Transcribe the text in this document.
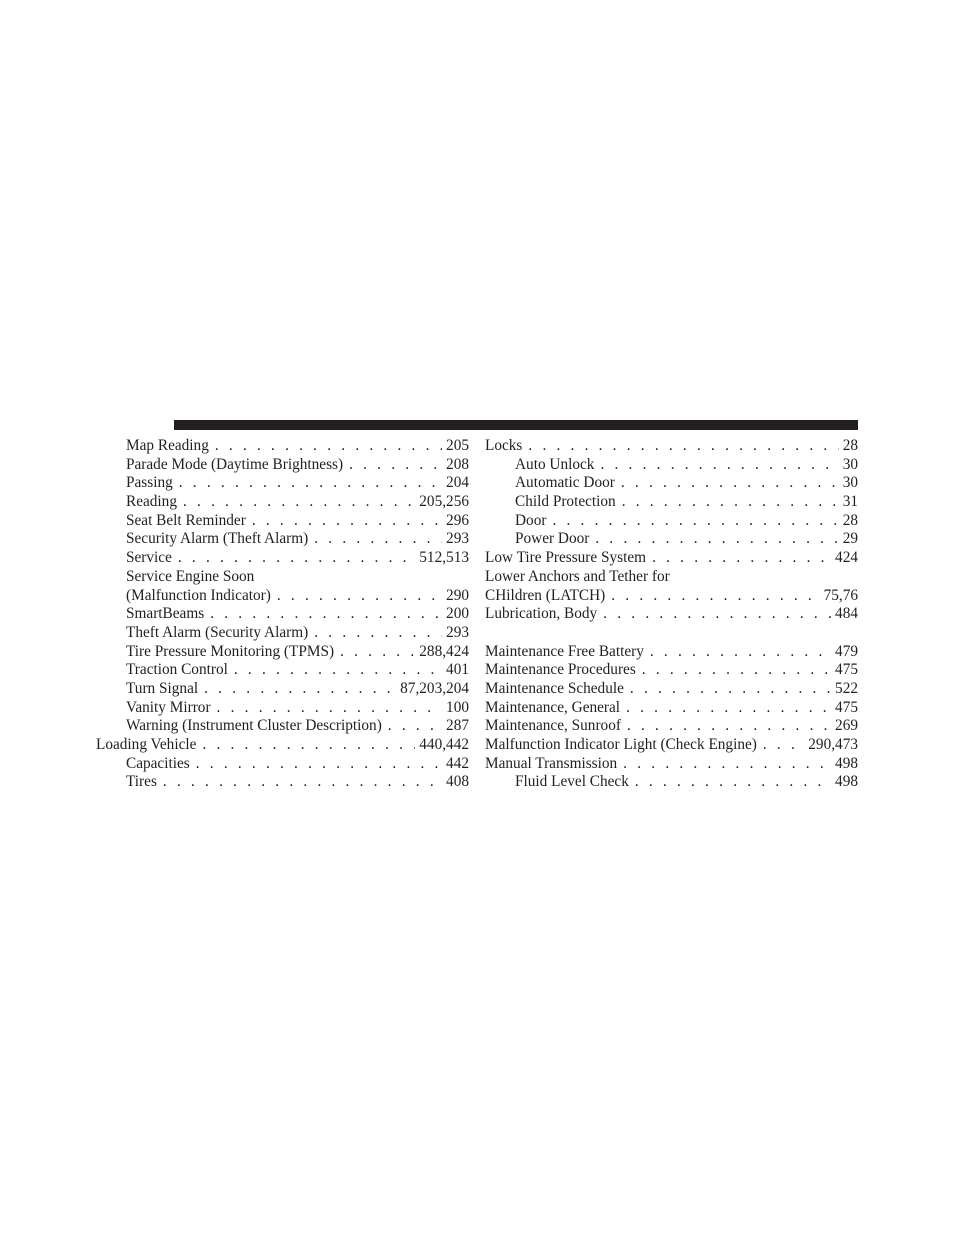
Map Reading . . .	205
Parade Mode (Daytime Brightness) . . .	208
Passing . . .	204
Reading . . .	205,256
Seat Belt Reminder . . .	296
Security Alarm (Theft Alarm) . . .	293
Service . . .	512,513
Service Engine Soon
(Malfunction Indicator) . . .	290
SmartBeams . . .	200
Theft Alarm (Security Alarm) . . .	293
Tire Pressure Monitoring (TPMS) . . .	288,424
Traction Control . . .	401
Turn Signal . . .	87,203,204
Vanity Mirror . . .	100
Warning (Instrument Cluster Description) . . .	287
Loading Vehicle . . .	440,442
Capacities . . .	442
Tires . . .	408
Locks . . .	28
Auto Unlock . . .	30
Automatic Door . . .	30
Child Protection . . .	31
Door . . .	28
Power Door . . .	29
Low Tire Pressure System . . .	424
Lower Anchors and Tether for
CHildren (LATCH) . . .	75,76
Lubrication, Body . . .	484
Maintenance Free Battery . . .	479
Maintenance Procedures . . .	475
Maintenance Schedule . . .	522
Maintenance, General . . .	475
Maintenance, Sunroof . . .	269
Malfunction Indicator Light (Check Engine) . . .	290,473
Manual Transmission . . .	498
Fluid Level Check . . .	498
